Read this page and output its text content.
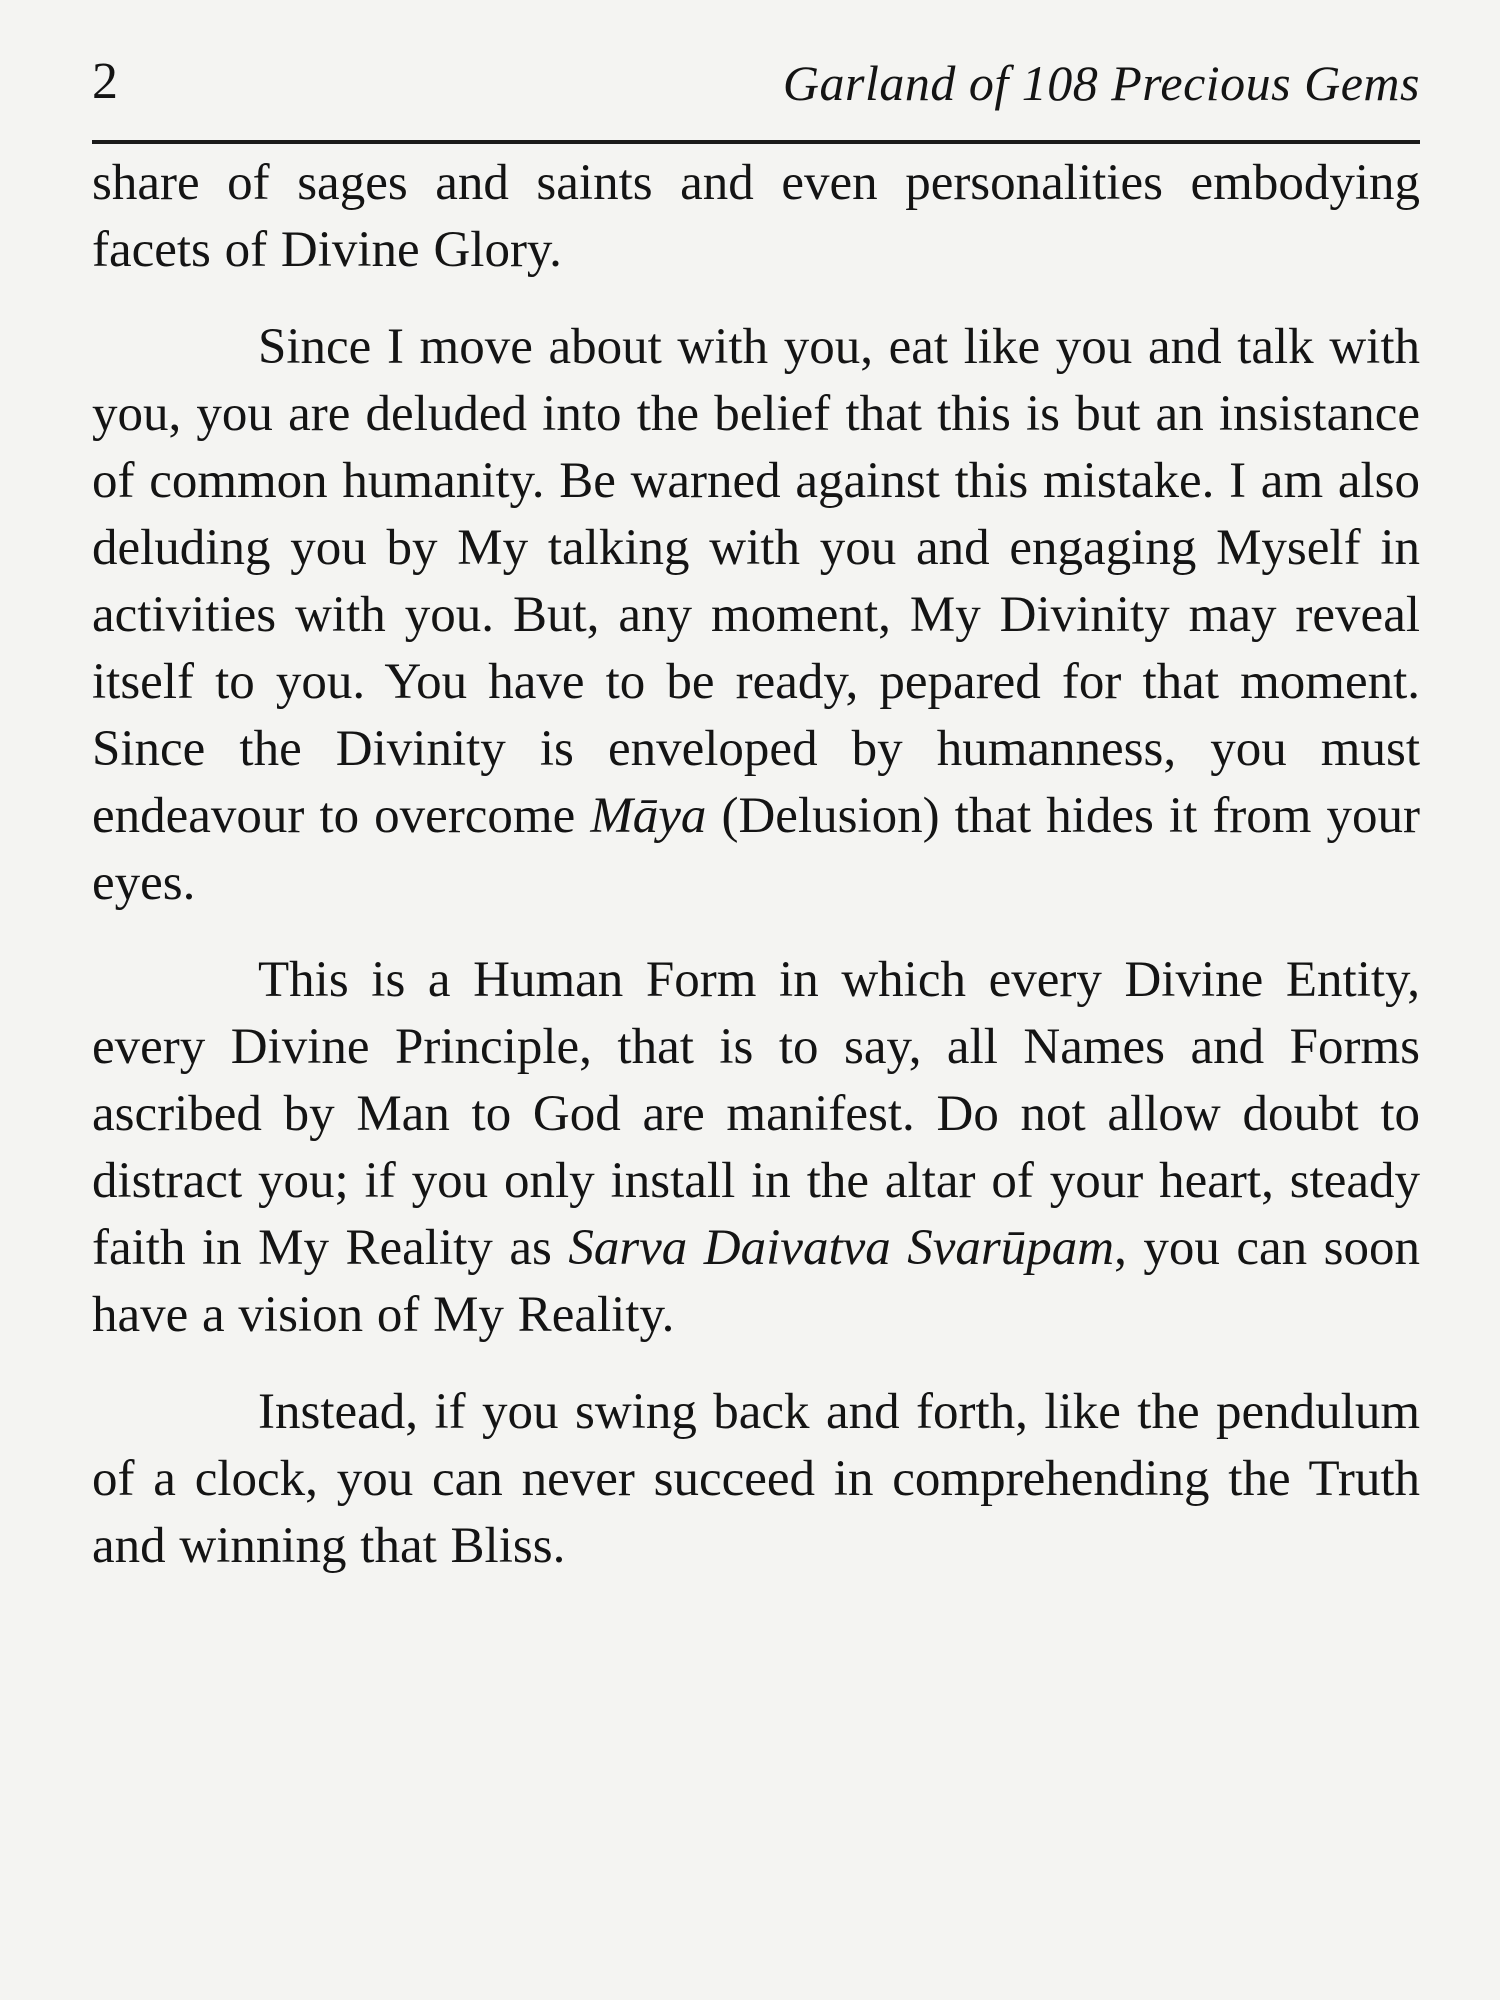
2	Garland of 108 Precious Gems

share of sages and saints and even personalities embodying facets of Divine Glory.

Since I move about with you, eat like you and talk with you, you are deluded into the belief that this is but an insistance of common humanity. Be warned against this mistake. I am also deluding you by My talking with you and engaging Myself in activities with you. But, any moment, My Divinity may reveal itself to you. You have to be ready, pepared for that moment. Since the Divinity is enveloped by humanness, you must endeavour to overcome Māya (Delusion) that hides it from your eyes.

This is a Human Form in which every Divine Entity, every Divine Principle, that is to say, all Names and Forms ascribed by Man to God are manifest. Do not allow doubt to distract you; if you only install in the altar of your heart, steady faith in My Reality as Sarva Daivatva Svarūpam, you can soon have a vision of My Reality.

Instead, if you swing back and forth, like the pendulum of a clock, you can never succeed in comprehending the Truth and winning that Bliss.
